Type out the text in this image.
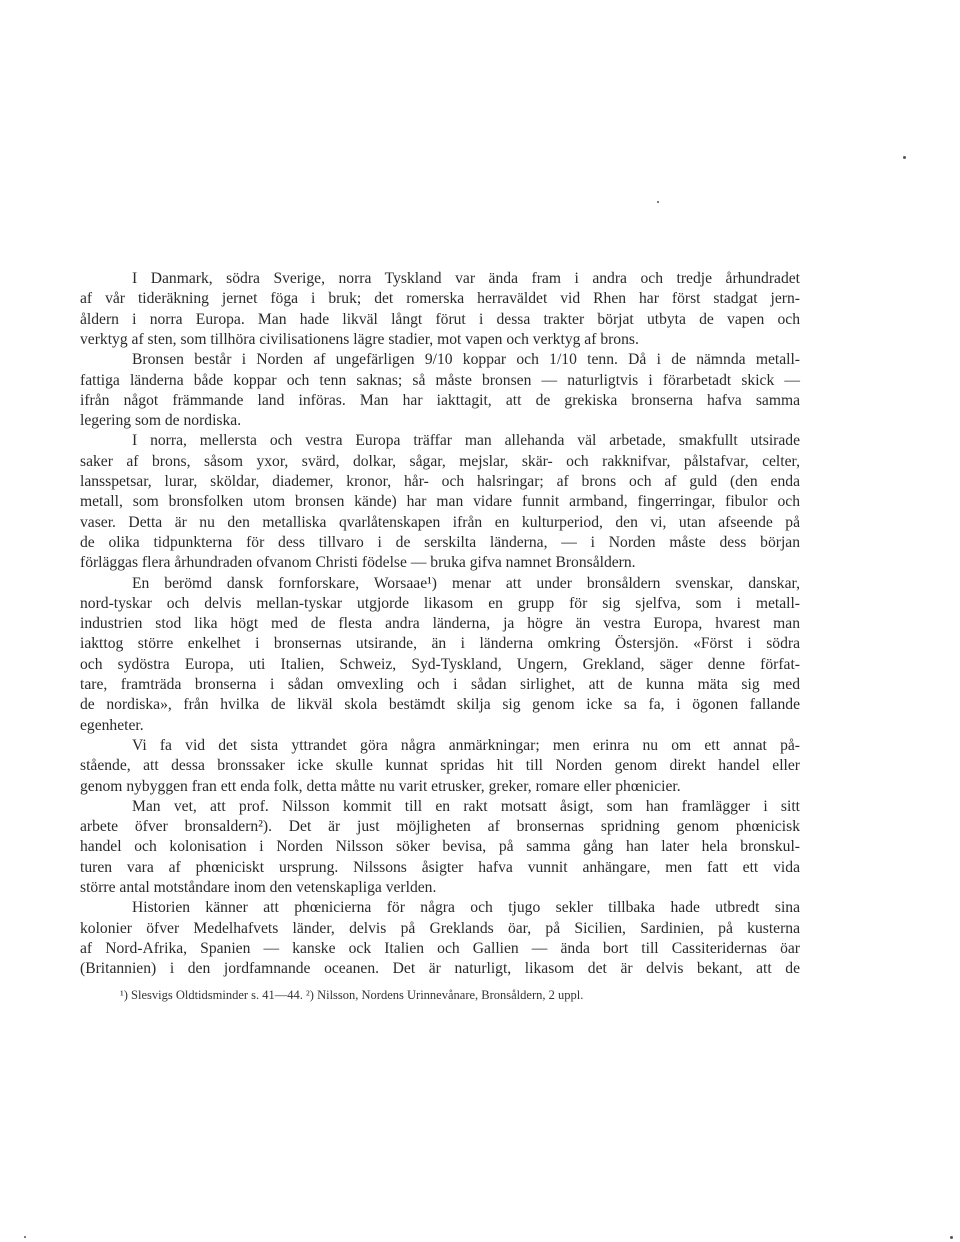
I Danmark, södra Sverige, norra Tyskland var ända fram i andra och tredje århundradet
af vår tideräkning jernet föga i bruk; det romerska herraväldet vid Rhen har först stadgat jern-
åldern i norra Europa. Man hade likväl långt förut i dessa trakter börjat utbyta de vapen och
verktyg af sten, som tillhöra civilisationens lägre stadier, mot vapen och verktyg af brons.
Bronsen består i Norden af ungefärligen 9/10 koppar och 1/10 tenn. Då i de nämnda metall-
fattiga länderna både koppar och tenn saknas; så måste bronsen — naturligtvis i förarbetadt skick —
ifrån något främmande land införas. Man har iakttagit, att de grekiska bronserna hafva samma
legering som de nordiska.
I norra, mellersta och vestra Europa träffar man allehanda väl arbetade, smakfullt utsirade
saker af brons, såsom yxor, svärd, dolkar, sågar, mejslar, skär- och rakknifvar, pålstafvar, celter,
lansspetsar, lurar, sköldar, diademer, kronor, hår- och halsringar; af brons och af guld (den enda
metall, som bronsfolken utom bronsen kände) har man vidare funnit armband, fingerringar, fibulor och
vaser. Detta är nu den metalliska qvarlåtenskapen ifrån en kulturperiod, den vi, utan afseende på
de olika tidpunkterna för dess tillvaro i de serskilta länderna, — i Norden måste dess början
förläggas flera århundraden ofvanom Christi födelse — bruka gifva namnet Bronsåldern.
En berömd dansk fornforskare, Worsaae¹) menar att under bronsåldern svenskar, danskar,
nord-tyskar och delvis mellan-tyskar utgjorde likasom en grupp för sig sjelfva, som i metall-
industrien stod lika högt med de flesta andra länderna, ja högre än vestra Europa, hvarest man
iakttog större enkelhet i bronsernas utsirande, än i länderna omkring Östersjön. «Först i södra
och sydöstra Europa, uti Italien, Schweiz, Syd-Tyskland, Ungern, Grekland, säger denne förfat-
tare, framträda bronserna i sådan omvexling och i sådan sirlighet, att de kunna mäta sig med
de nordiska», från hvilka de likväl skola bestämdt skilja sig genom icke sa fa, i ögonen fallande
egenheter.
Vi fa vid det sista yttrandet göra några anmärkningar; men erinra nu om ett annat på-
stående, att dessa bronssaker icke skulle kunnat spridas hit till Norden genom direkt handel eller
genom nybyggen fran ett enda folk, detta måtte nu varit etrusker, greker, romare eller phœnicier.
Man vet, att prof. Nilsson kommit till en rakt motsatt åsigt, som han framlägger i sitt
arbete öfver bronsaldern²). Det är just möjligheten af bronsernas spridning genom phœnicisk
handel och kolonisation i Norden Nilsson söker bevisa, på samma gång han later hela bronskul-
turen vara af phœniciskt ursprung. Nilssons åsigter hafva vunnit anhängare, men fatt ett vida
större antal motståndare inom den vetenskapliga verlden.
Historien känner att phœnicierna för några och tjugo sekler tillbaka hade utbredt sina
kolonier öfver Medelhafvets länder, delvis på Greklands öar, på Sicilien, Sardinien, på kusterna
af Nord-Afrika, Spanien — kanske ock Italien och Gallien — ända bort till Cassiteridernas öar
(Britannien) i den jordfamnande oceanen. Det är naturligt, likasom det är delvis bekant, att de
¹) Slesvigs Oldtidsminder s. 41—44. ²) Nilsson, Nordens Urinnevånare, Bronsåldern, 2 uppl.
